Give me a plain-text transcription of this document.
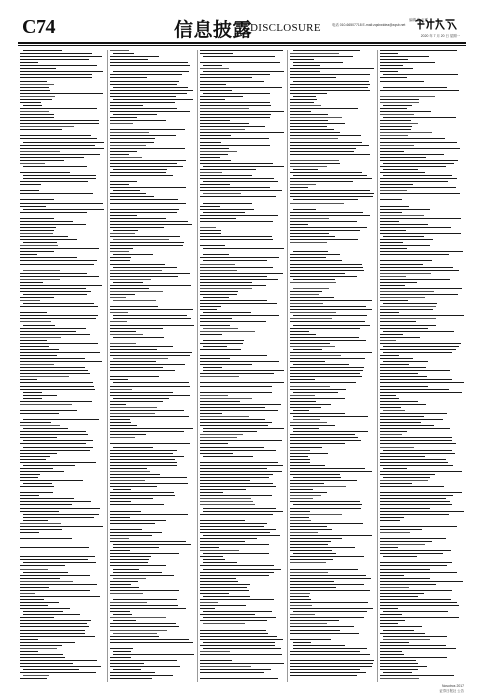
C74	信息披露
DISCLOSURE
编辑 张 玉雯
电话 010-66507718 E-mail:zqsbwidea@zqsb.net
2020 年 7 月 20 日 星期一
Nosotros 2017
证券日报社 公告
